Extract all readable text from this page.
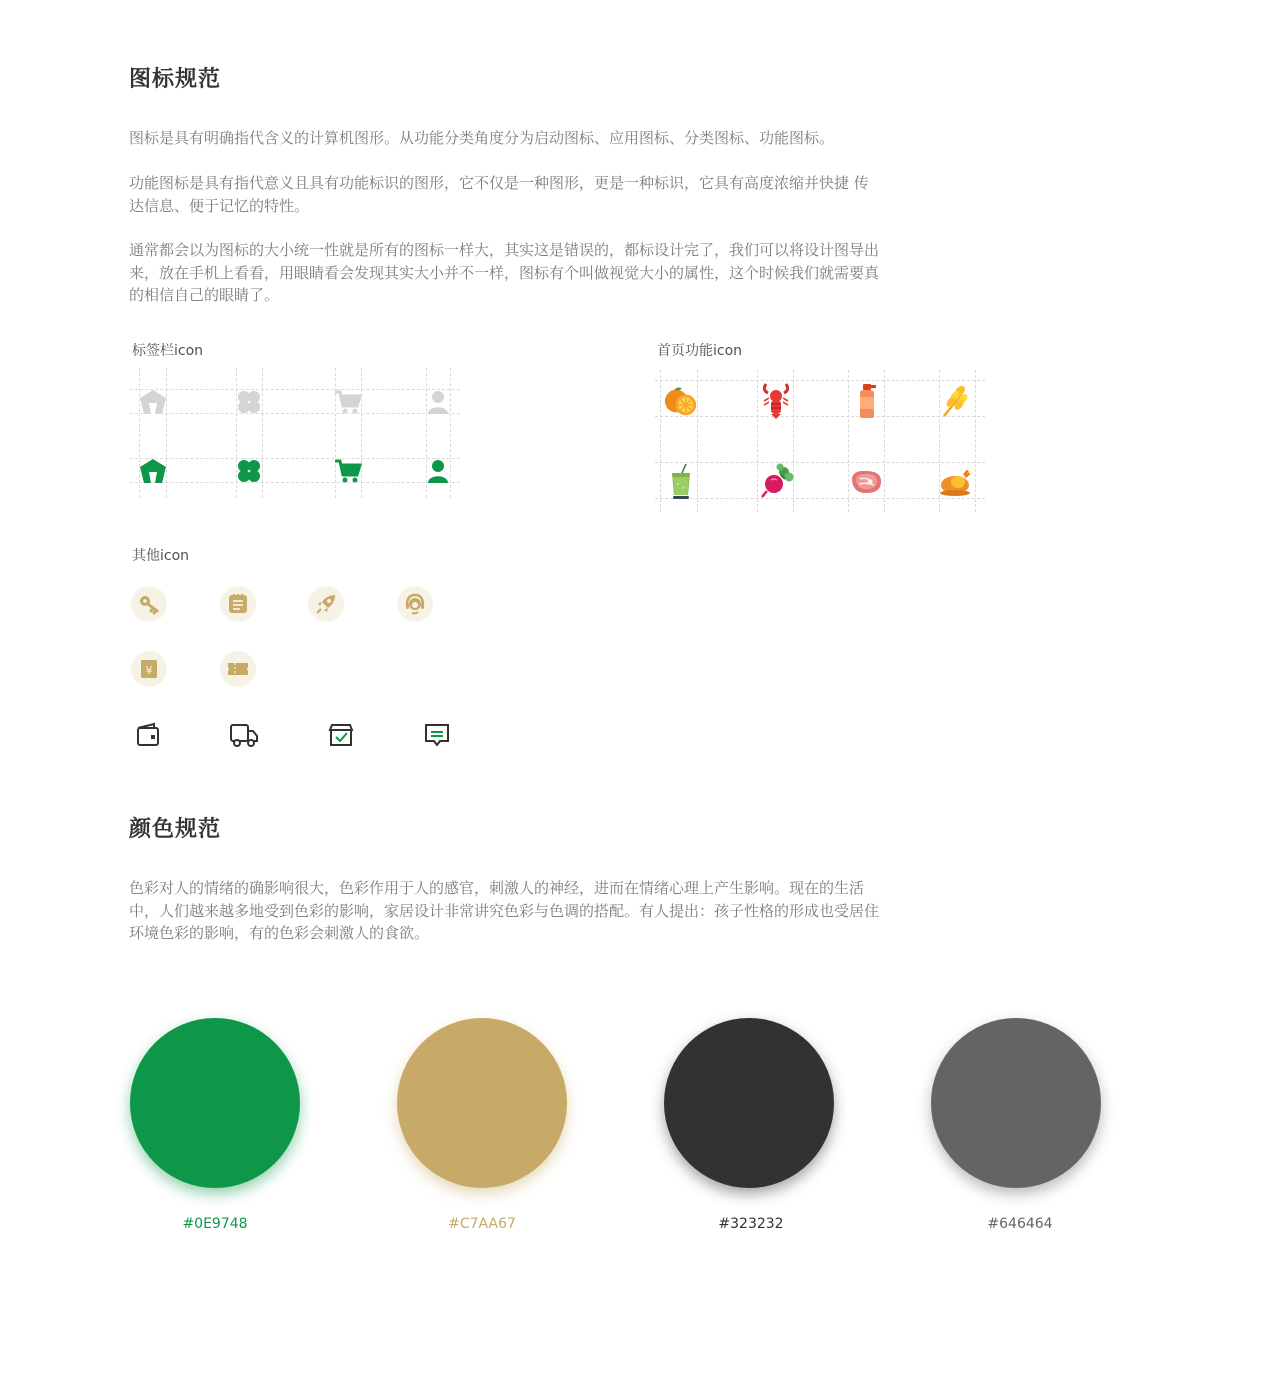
图标规范
图标是具有明确指代含义的计算机图形。从功能分类角度分为启动图标、应用图标、分类图标、功能图标。
功能图标是具有指代意义且具有功能标识的图形，它不仅是一种图形，更是一种标识，它具有高度浓缩并快捷 传达信息、便于记忆的特性。
通常都会以为图标的大小统一性就是所有的图标一样大，其实这是错误的，都标设计完了，我们可以将设计图导出来，放在手机上看看，用眼睛看会发现其实大小并不一样，图标有个叫做视觉大小的属性，这个时候我们就需要真的相信自己的眼睛了。
标签栏icon	首页功能icon
其他icon
¥
颜色规范
色彩对人的情绪的确影响很大，色彩作用于人的感官，刺激人的神经，进而在情绪心理上产生影响。现在的生活中，人们越来越多地受到色彩的影响，家居设计非常讲究色彩与色调的搭配。有人提出：孩子性格的形成也受居住环境色彩的影响，有的色彩会刺激人的食欲。
#0E9748	#C7AA67	#323232	#646464
